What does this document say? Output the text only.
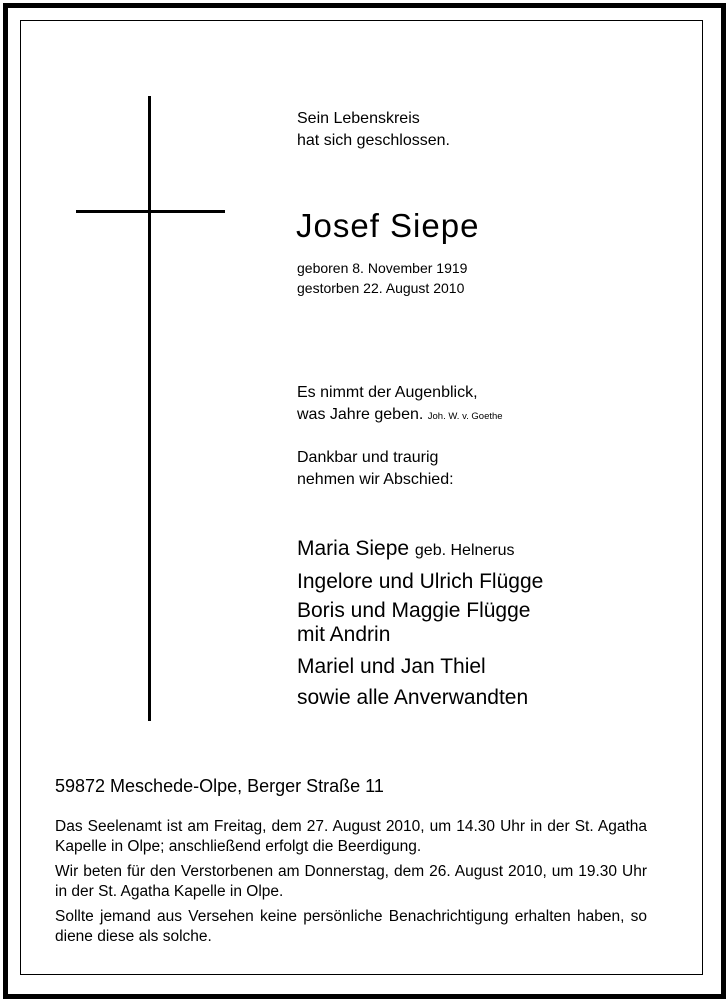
Sein Lebenskreis
hat sich geschlossen.
Josef Siepe
geboren 8. November 1919
gestorben 22. August 2010
Es nimmt der Augenblick,
was Jahre geben. Joh. W. v. Goethe
Dankbar und traurig
nehmen wir Abschied:
Maria Siepe geb. Helnerus
Ingelore und Ulrich Flügge
Boris und Maggie Flügge
mit Andrin
Mariel und Jan Thiel
sowie alle Anverwandten
59872 Meschede-Olpe, Berger Straße 11
Das Seelenamt ist am Freitag, dem 27. August 2010, um 14.30 Uhr in der St. Agatha Kapelle in Olpe; anschließend erfolgt die Beerdigung.
Wir beten für den Verstorbenen am Donnerstag, dem 26. August 2010, um 19.30 Uhr in der St. Agatha Kapelle in Olpe.
Sollte jemand aus Versehen keine persönliche Benachrichtigung erhalten haben, so diene diese als solche.
